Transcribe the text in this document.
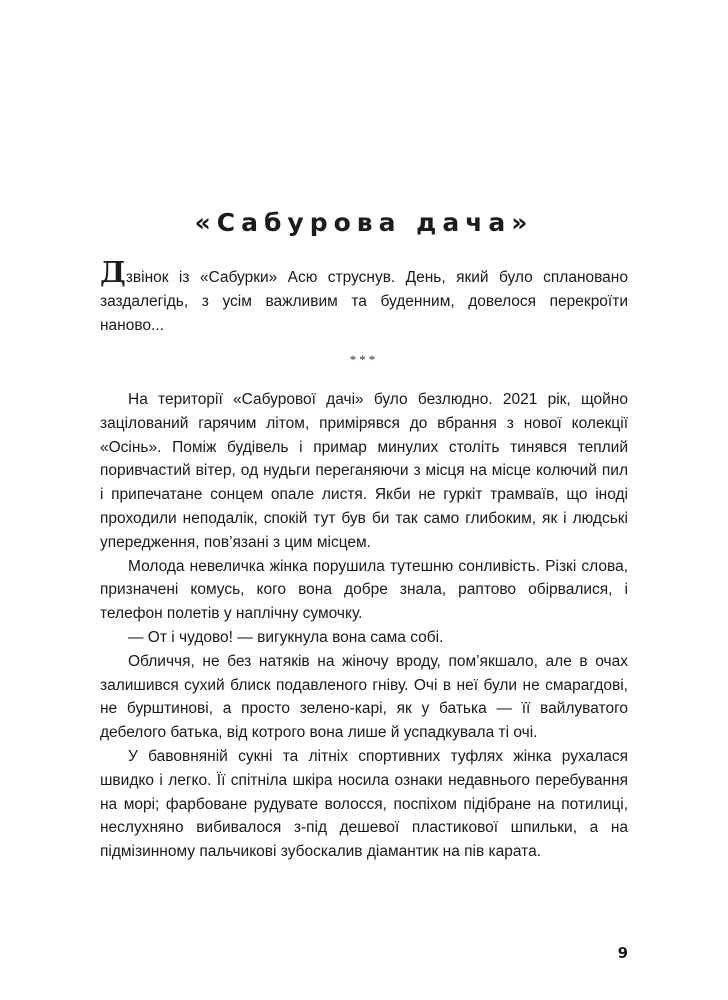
«Сабурова дача»

Дзвінок із «Сабурки» Асю струснув. День, який було сплановано заздалегідь, з усім важливим та буденним, довелося перекроїти наново...

***

На території «Сабурової дачі» було безлюдно. 2021 рік, щойно зацілований гарячим літом, примірявся до вбрання з нової колекції «Осінь». Поміж будівель і примар минулих століть тинявся теплий поривчастий вітер, од нудьги переганяючи з місця на місце колючий пил і припечатане сонцем опале листя. Якби не гуркіт трамваїв, що іноді проходили неподалік, спокій тут був би так само глибоким, як і людські упередження, пов’язані з цим місцем.

Молода невеличка жінка порушила тутешню сонливість. Різкі слова, призначені комусь, кого вона добре знала, раптово обірвалися, і телефон полетів у наплічну сумочку.

— От і чудово! — вигукнула вона сама собі.

Обличчя, не без натяків на жіночу вроду, пом’якшало, але в очах залишився сухий блиск подавленого гніву. Очі в неї були не смарагдові, не бурштинові, а просто зелено-карі, як у батька — її вайлуватого дебелого батька, від котрого вона лише й успадкувала ті очі.

У бавовняній сукні та літніх спортивних туфлях жінка рухалася швидко і легко. Її спітніла шкіра носила ознаки недавнього перебування на морі; фарбоване рудувате волосся, поспіхом підібране на потилиці, неслухняно вибивалося з-під дешевої пластикової шпильки, а на підмізинному пальчикові зубоскалив діамантик на пів карата.

9
